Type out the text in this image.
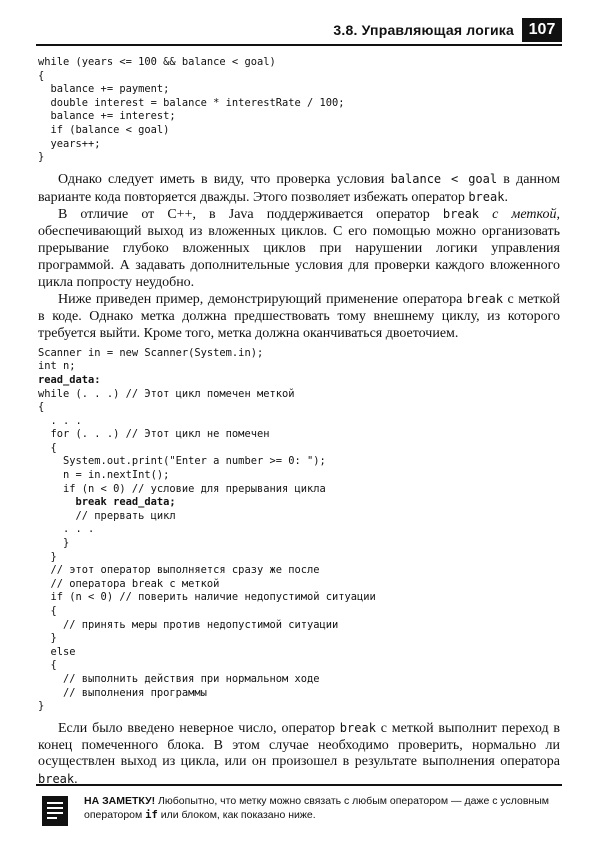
3.8. Управляющая логика 107
while (years <= 100 && balance < goal)
{
balance += payment;
double interest = balance * interestRate / 100;
balance += interest;
if (balance < goal)
years++;
}

Однако следует иметь в виду, что проверка условия balance < goal в данном варианте кода повторяется дважды. Этого позволяет избежать оператор break.

В отличие от C++, в Java поддерживается оператор break с меткой, обеспечивающий выход из вложенных циклов. С его помощью можно организовать прерывание глубоко вложенных циклов при нарушении логики управления программой. А задавать дополнительные условия для проверки каждого вложенного цикла попросту неудобно.

Ниже приведен пример, демонстрирующий применение оператора break с меткой в коде. Однако метка должна предшествовать тому внешнему циклу, из которого требуется выйти. Кроме того, метка должна оканчиваться двоеточием.

Scanner in = new Scanner(System.in);
int n;
read_data:
while (. . .) // Этот цикл помечен меткой
{
. . .
for (. . .) // Этот цикл не помечен
{
System.out.print("Enter a number >= 0: ");
n = in.nextInt();
if (n < 0) // условие для прерывания цикла
break read_data;
// прервать цикл
. . .
}
}
// этот оператор выполняется сразу же после
// оператора break с меткой
if (n < 0) // поверить наличие недопустимой ситуации
{
// принять меры против недопустимой ситуации
}
else
{
// выполнить действия при нормальном ходе
// выполнения программы
}

Если было введено неверное число, оператор break с меткой выполнит переход в конец помеченного блока. В этом случае необходимо проверить, нормально ли осуществлен выход из цикла, или он произошел в результате выполнения оператора break.

НА ЗАМЕТКУ! Любопытно, что метку можно связать с любым оператором — даже с условным оператором if или блоком, как показано ниже.
